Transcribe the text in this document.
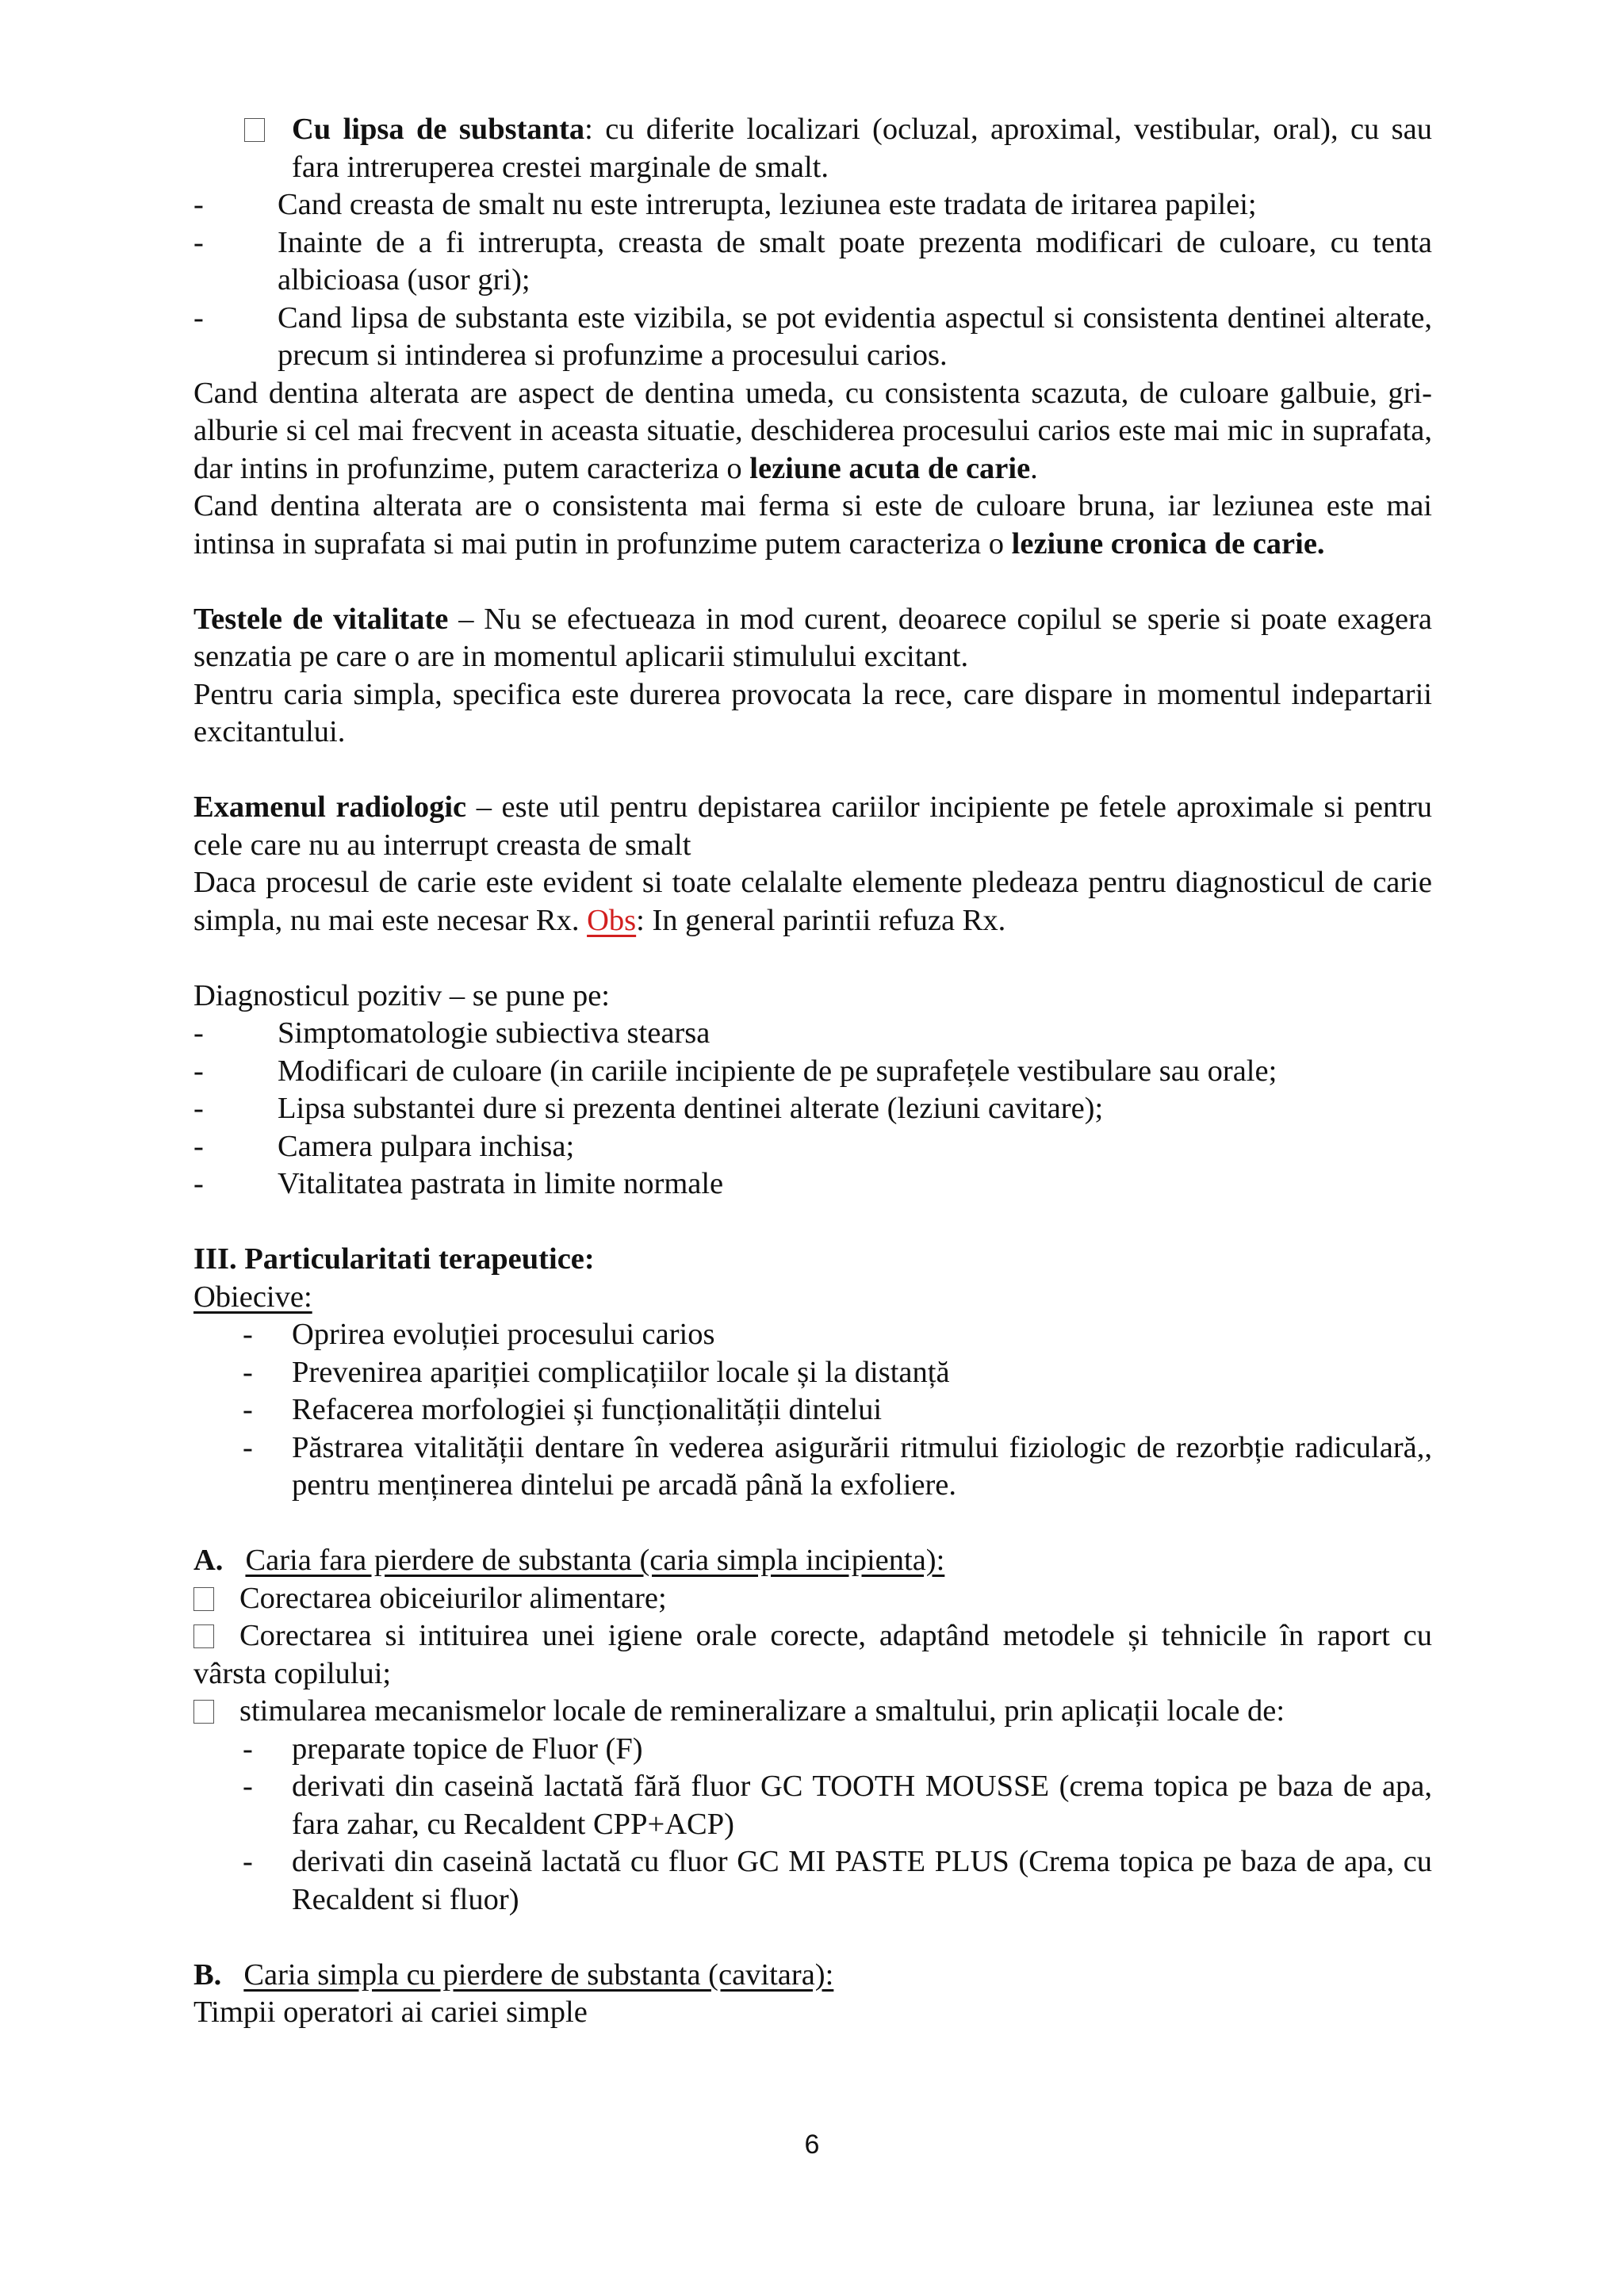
Cu lipsa de substanta: cu diferite localizari (ocluzal, aproximal, vestibular, oral), cu sau fara intreruperea crestei marginale de smalt.

- Cand creasta de smalt nu este intrerupta, leziunea este tradata de iritarea papilei;

- Inainte de a fi intrerupta, creasta de smalt poate prezenta modificari de culoare, cu tenta albicioasa (usor gri);

- Cand lipsa de substanta este vizibila, se pot evidentia aspectul si consistenta dentinei alterate, precum si intinderea si profunzime a procesului carios.

Cand dentina alterata are aspect de dentina umeda, cu consistenta scazuta, de culoare galbuie, gri-alburie si cel mai frecvent in aceasta situatie, deschiderea procesului carios este mai mic in suprafata, dar intins in profunzime, putem caracteriza o leziune acuta de carie.

Cand dentina alterata are o consistenta mai ferma si este de culoare bruna, iar leziunea este mai intinsa in suprafata si mai putin in profunzime putem caracteriza o leziune cronica de carie.

Testele de vitalitate – Nu se efectueaza in mod curent, deoarece copilul se sperie si poate exagera senzatia pe care o are in momentul aplicarii stimulului excitant.

Pentru caria simpla, specifica este durerea provocata la rece, care dispare in momentul indepartarii excitantului.

Examenul radiologic – este util pentru depistarea cariilor incipiente pe fetele aproximale si pentru cele care nu au interrupt creasta de smalt

Daca procesul de carie este evident si toate celalalte elemente pledeaza pentru diagnosticul de carie simpla, nu mai este necesar Rx. Obs: In general parintii refuza Rx.

Diagnosticul pozitiv – se pune pe:

- Simptomatologie subiectiva stearsa

- Modificari de culoare (in cariile incipiente de pe suprafețele vestibulare sau orale;

- Lipsa substantei dure si prezenta dentinei alterate (leziuni cavitare);

- Camera pulpara inchisa;

- Vitalitatea pastrata in limite normale

III. Particularitati terapeutice:

Obiecive:

- Oprirea evoluției procesului carios

- Prevenirea apariției complicațiilor locale și la distanță

- Refacerea morfologiei și funcționalității dintelui

- Păstrarea vitalității dentare în vederea asigurării ritmului fiziologic de rezorbție radiculară,, pentru menținerea dintelui pe arcadă până la exfoliere.

A. Caria fara pierdere de substanta (caria simpla incipienta):

Corectarea obiceiurilor alimentare;

Corectarea si intituirea unei igiene orale corecte, adaptând metodele și tehnicile în raport cu vârsta copilului;

stimularea mecanismelor locale de remineralizare a smaltului, prin aplicații locale de:

- preparate topice de Fluor (F)

- derivati din caseină lactată fără fluor GC TOOTH MOUSSE (crema topica pe baza de apa, fara zahar, cu Recaldent CPP+ACP)

- derivati din caseină lactată cu fluor GC MI PASTE PLUS (Crema topica pe baza de apa, cu Recaldent si fluor)

B. Caria simpla cu pierdere de substanta (cavitara):

Timpii operatori ai cariei simple

6
